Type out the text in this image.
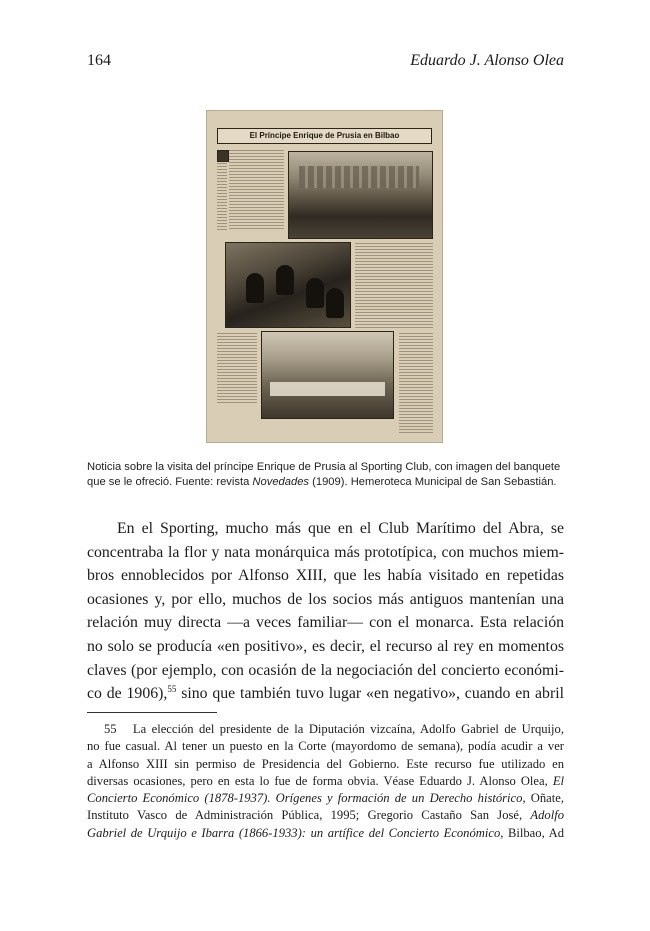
164	Eduardo J. Alonso Olea
El Príncipe Enrique de Prusia en Bilbao
Noticia sobre la visita del príncipe Enrique de Prusia al Sporting Club, con imagen del banquete que se le ofreció. Fuente: revista Novedades (1909). Hemeroteca Municipal de San Sebastián.
En el Sporting, mucho más que en el Club Marítimo del Abra, se
concentraba la flor y nata monárquica más prototípica, con muchos miem-
bros ennoblecidos por Alfonso XIII, que les había visitado en repetidas
ocasiones y, por ello, muchos de los socios más antiguos mantenían una
relación muy directa —a veces familiar— con el monarca. Esta relación
no solo se producía «en positivo», es decir, el recurso al rey en momentos
claves (por ejemplo, con ocasión de la negociación del concierto económi-
co de 1906),$^{55}$ sino que también tuvo lugar «en negativo», cuando en abril
55 La elección del presidente de la Diputación vizcaína, Adolfo Gabriel de Urquijo,
no fue casual. Al tener un puesto en la Corte (mayordomo de semana), podía acudir a ver
a Alfonso XIII sin permiso de Presidencia del Gobierno. Este recurso fue utilizado en
diversas ocasiones, pero en esta lo fue de forma obvia. Véase Eduardo J. Alonso Olea, El
Concierto Económico (1878-1937). Orígenes y formación de un Derecho histórico, Oñate,
Instituto Vasco de Administración Pública, 1995; Gregorio Castaño San José, Adolfo
Gabriel de Urquijo e Ibarra (1866-1933): un artífice del Concierto Económico, Bilbao, Ad
